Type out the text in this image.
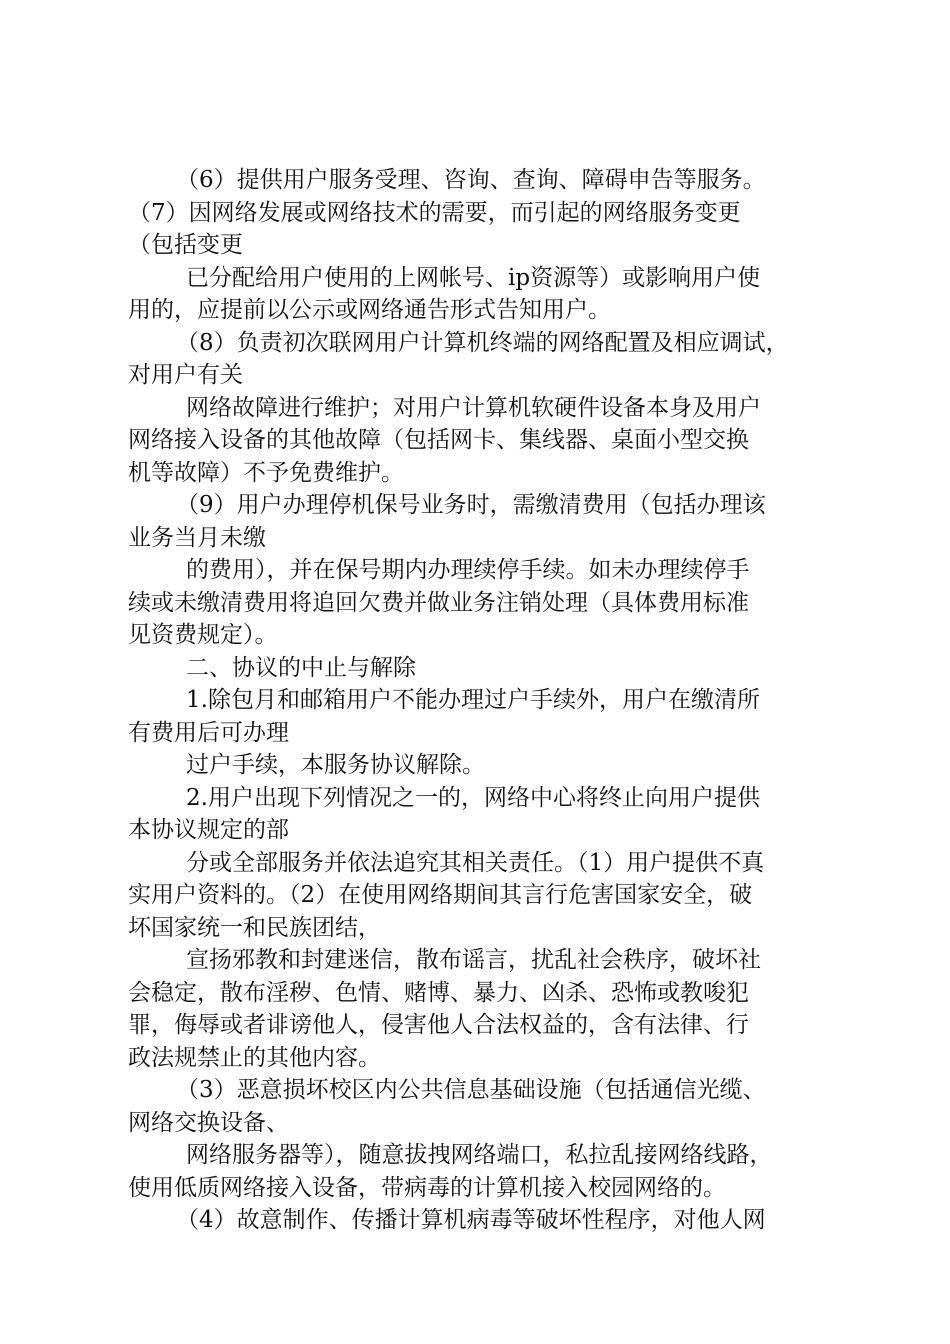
（6）提供用户服务受理、咨询、查询、障碍申告等服务。
（7）因网络发展或网络技术的需要，而引起的网络服务变更
（包括变更
已分配给用户使用的上网帐号、ip资源等）或影响用户使
用的，应提前以公示或网络通告形式告知用户。
（8）负责初次联网用户计算机终端的网络配置及相应调试，
对用户有关
网络故障进行维护；对用户计算机软硬件设备本身及用户
网络接入设备的其他故障（包括网卡、集线器、桌面小型交换
机等故障）不予免费维护。
（9）用户办理停机保号业务时，需缴清费用（包括办理该
业务当月未缴
的费用），并在保号期内办理续停手续。如未办理续停手
续或未缴清费用将追回欠费并做业务注销处理（具体费用标准
见资费规定）。
二、协议的中止与解除
1.除包月和邮箱用户不能办理过户手续外，用户在缴清所
有费用后可办理
过户手续，本服务协议解除。
2.用户出现下列情况之一的，网络中心将终止向用户提供
本协议规定的部
分或全部服务并依法追究其相关责任。（1）用户提供不真
实用户资料的。（2）在使用网络期间其言行危害国家安全，破
坏国家统一和民族团结，
宣扬邪教和封建迷信，散布谣言，扰乱社会秩序，破坏社
会稳定，散布淫秽、色情、赌博、暴力、凶杀、恐怖或教唆犯
罪，侮辱或者诽谤他人，侵害他人合法权益的，含有法律、行
政法规禁止的其他内容。
（3）恶意损坏校区内公共信息基础设施（包括通信光缆、
网络交换设备、
网络服务器等），随意拔拽网络端口，私拉乱接网络线路，
使用低质网络接入设备，带病毒的计算机接入校园网络的。
（4）故意制作、传播计算机病毒等破坏性程序，对他人网
